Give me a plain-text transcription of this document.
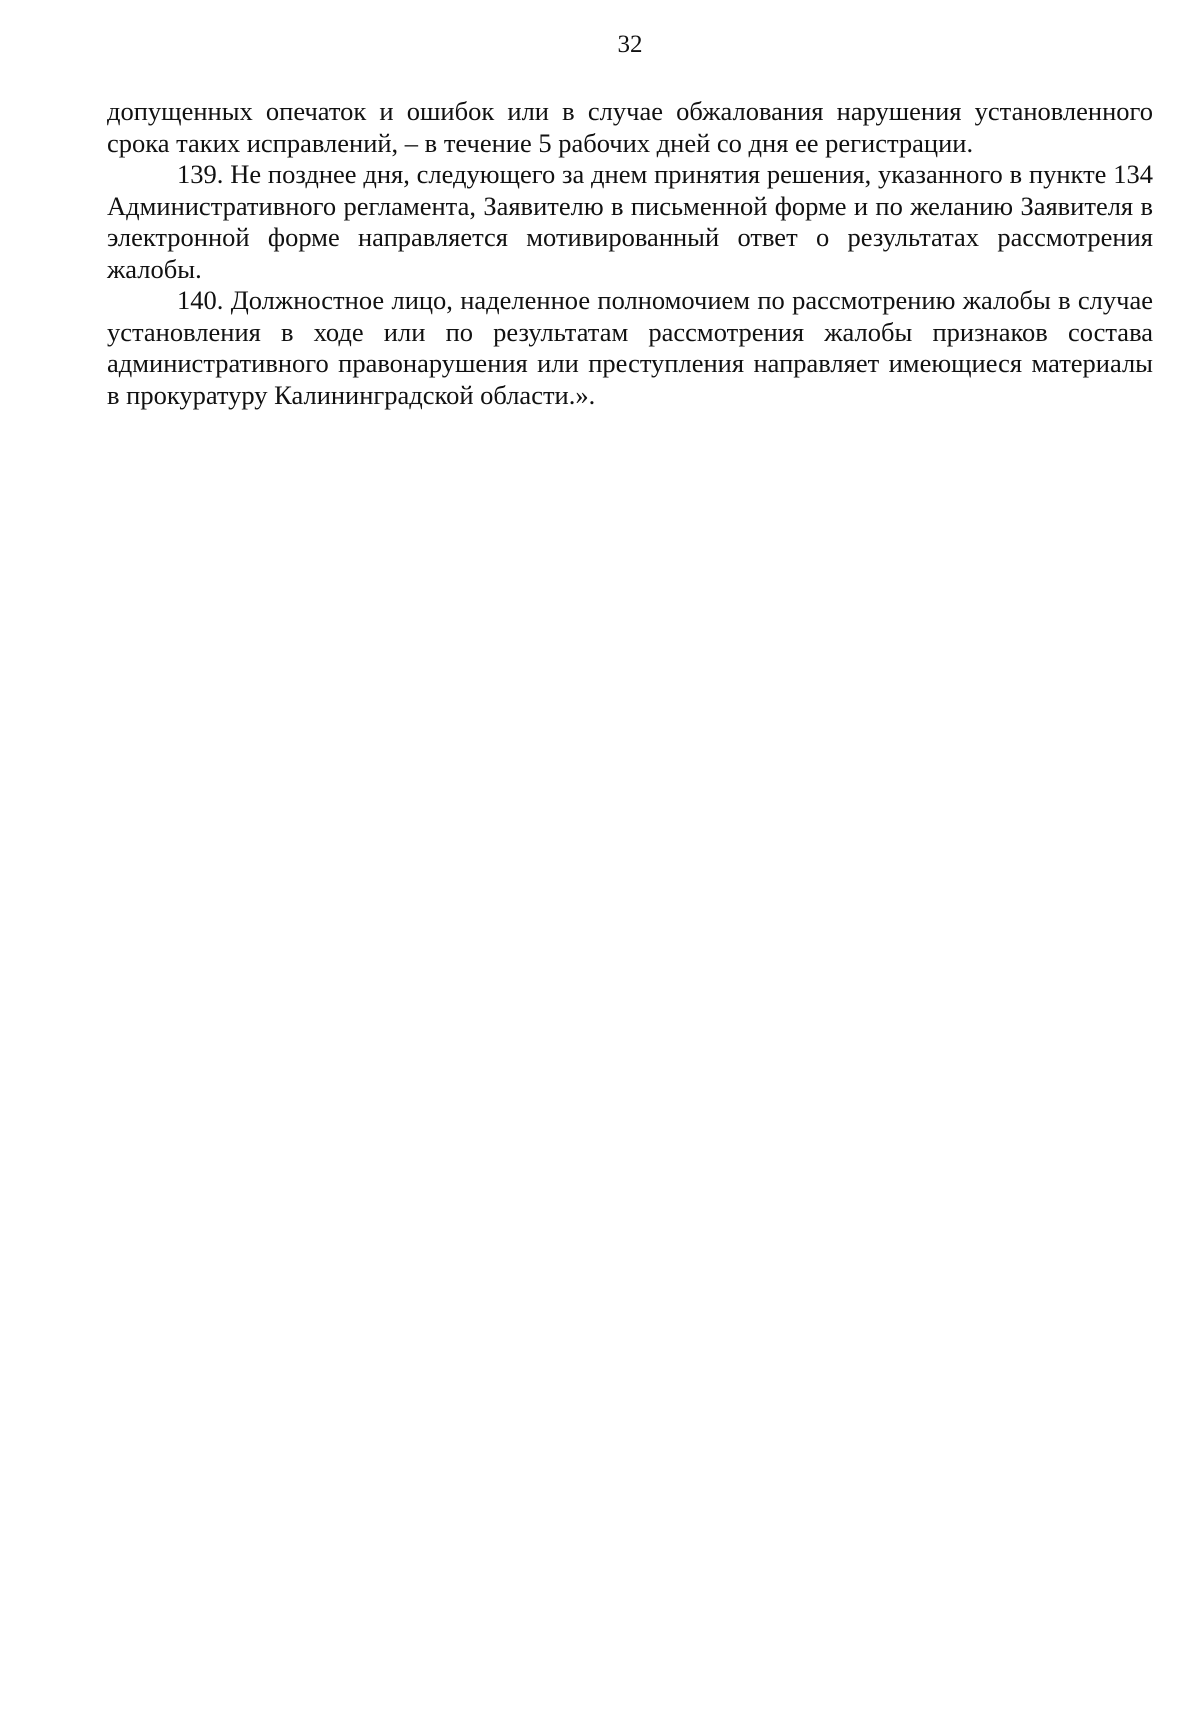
32

допущенных опечаток и ошибок или в случае обжалования нарушения установленного срока таких исправлений, – в течение 5 рабочих дней со дня ее регистрации.

139. Не позднее дня, следующего за днем принятия решения, указанного в пункте 134 Административного регламента, Заявителю в письменной форме и по желанию Заявителя в электронной форме направляется мотивированный ответ о результатах рассмотрения жалобы.

140. Должностное лицо, наделенное полномочием по рассмотрению жалобы в случае установления в ходе или по результатам рассмотрения жалобы признаков состава административного правонарушения или преступления направляет имеющиеся материалы в прокуратуру Калининградской области.».
